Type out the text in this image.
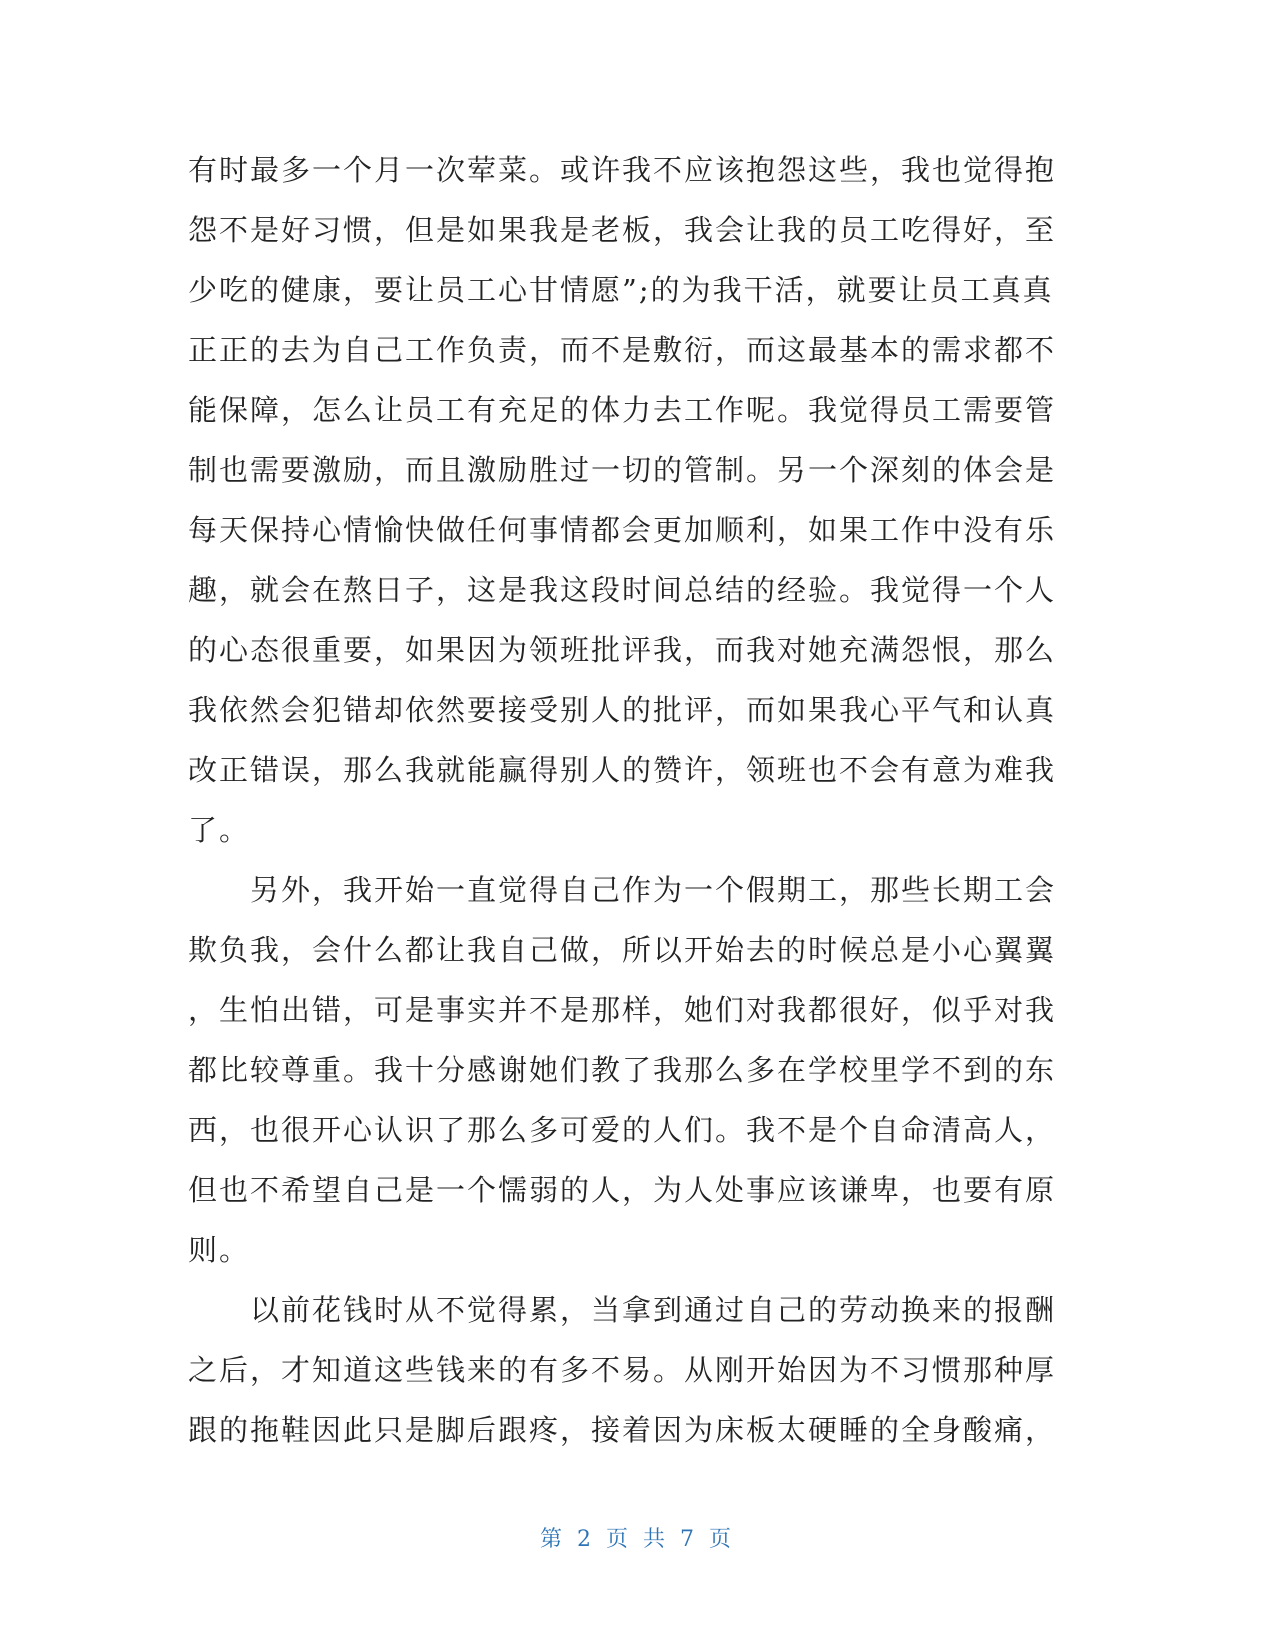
有时最多一个月一次荤菜。或许我不应该抱怨这些，我也觉得抱
怨不是好习惯，但是如果我是老板，我会让我的员工吃得好，至
少吃的健康，要让员工心甘情愿”;的为我干活，就要让员工真真
正正的去为自己工作负责，而不是敷衍，而这最基本的需求都不
能保障，怎么让员工有充足的体力去工作呢。我觉得员工需要管
制也需要激励，而且激励胜过一切的管制。另一个深刻的体会是
每天保持心情愉快做任何事情都会更加顺利，如果工作中没有乐
趣，就会在熬日子，这是我这段时间总结的经验。我觉得一个人
的心态很重要，如果因为领班批评我，而我对她充满怨恨，那么
我依然会犯错却依然要接受别人的批评，而如果我心平气和认真
改正错误，那么我就能赢得别人的赞许，领班也不会有意为难我
了。
　　另外，我开始一直觉得自己作为一个假期工，那些长期工会
欺负我，会什么都让我自己做，所以开始去的时候总是小心翼翼
，生怕出错，可是事实并不是那样，她们对我都很好，似乎对我
都比较尊重。我十分感谢她们教了我那么多在学校里学不到的东
西，也很开心认识了那么多可爱的人们。我不是个自命清高人，
但也不希望自己是一个懦弱的人，为人处事应该谦卑，也要有原
则。
　　以前花钱时从不觉得累，当拿到通过自己的劳动换来的报酬
之后，才知道这些钱来的有多不易。从刚开始因为不习惯那种厚
跟的拖鞋因此只是脚后跟疼，接着因为床板太硬睡的全身酸痛，
第 2 页 共 7 页
